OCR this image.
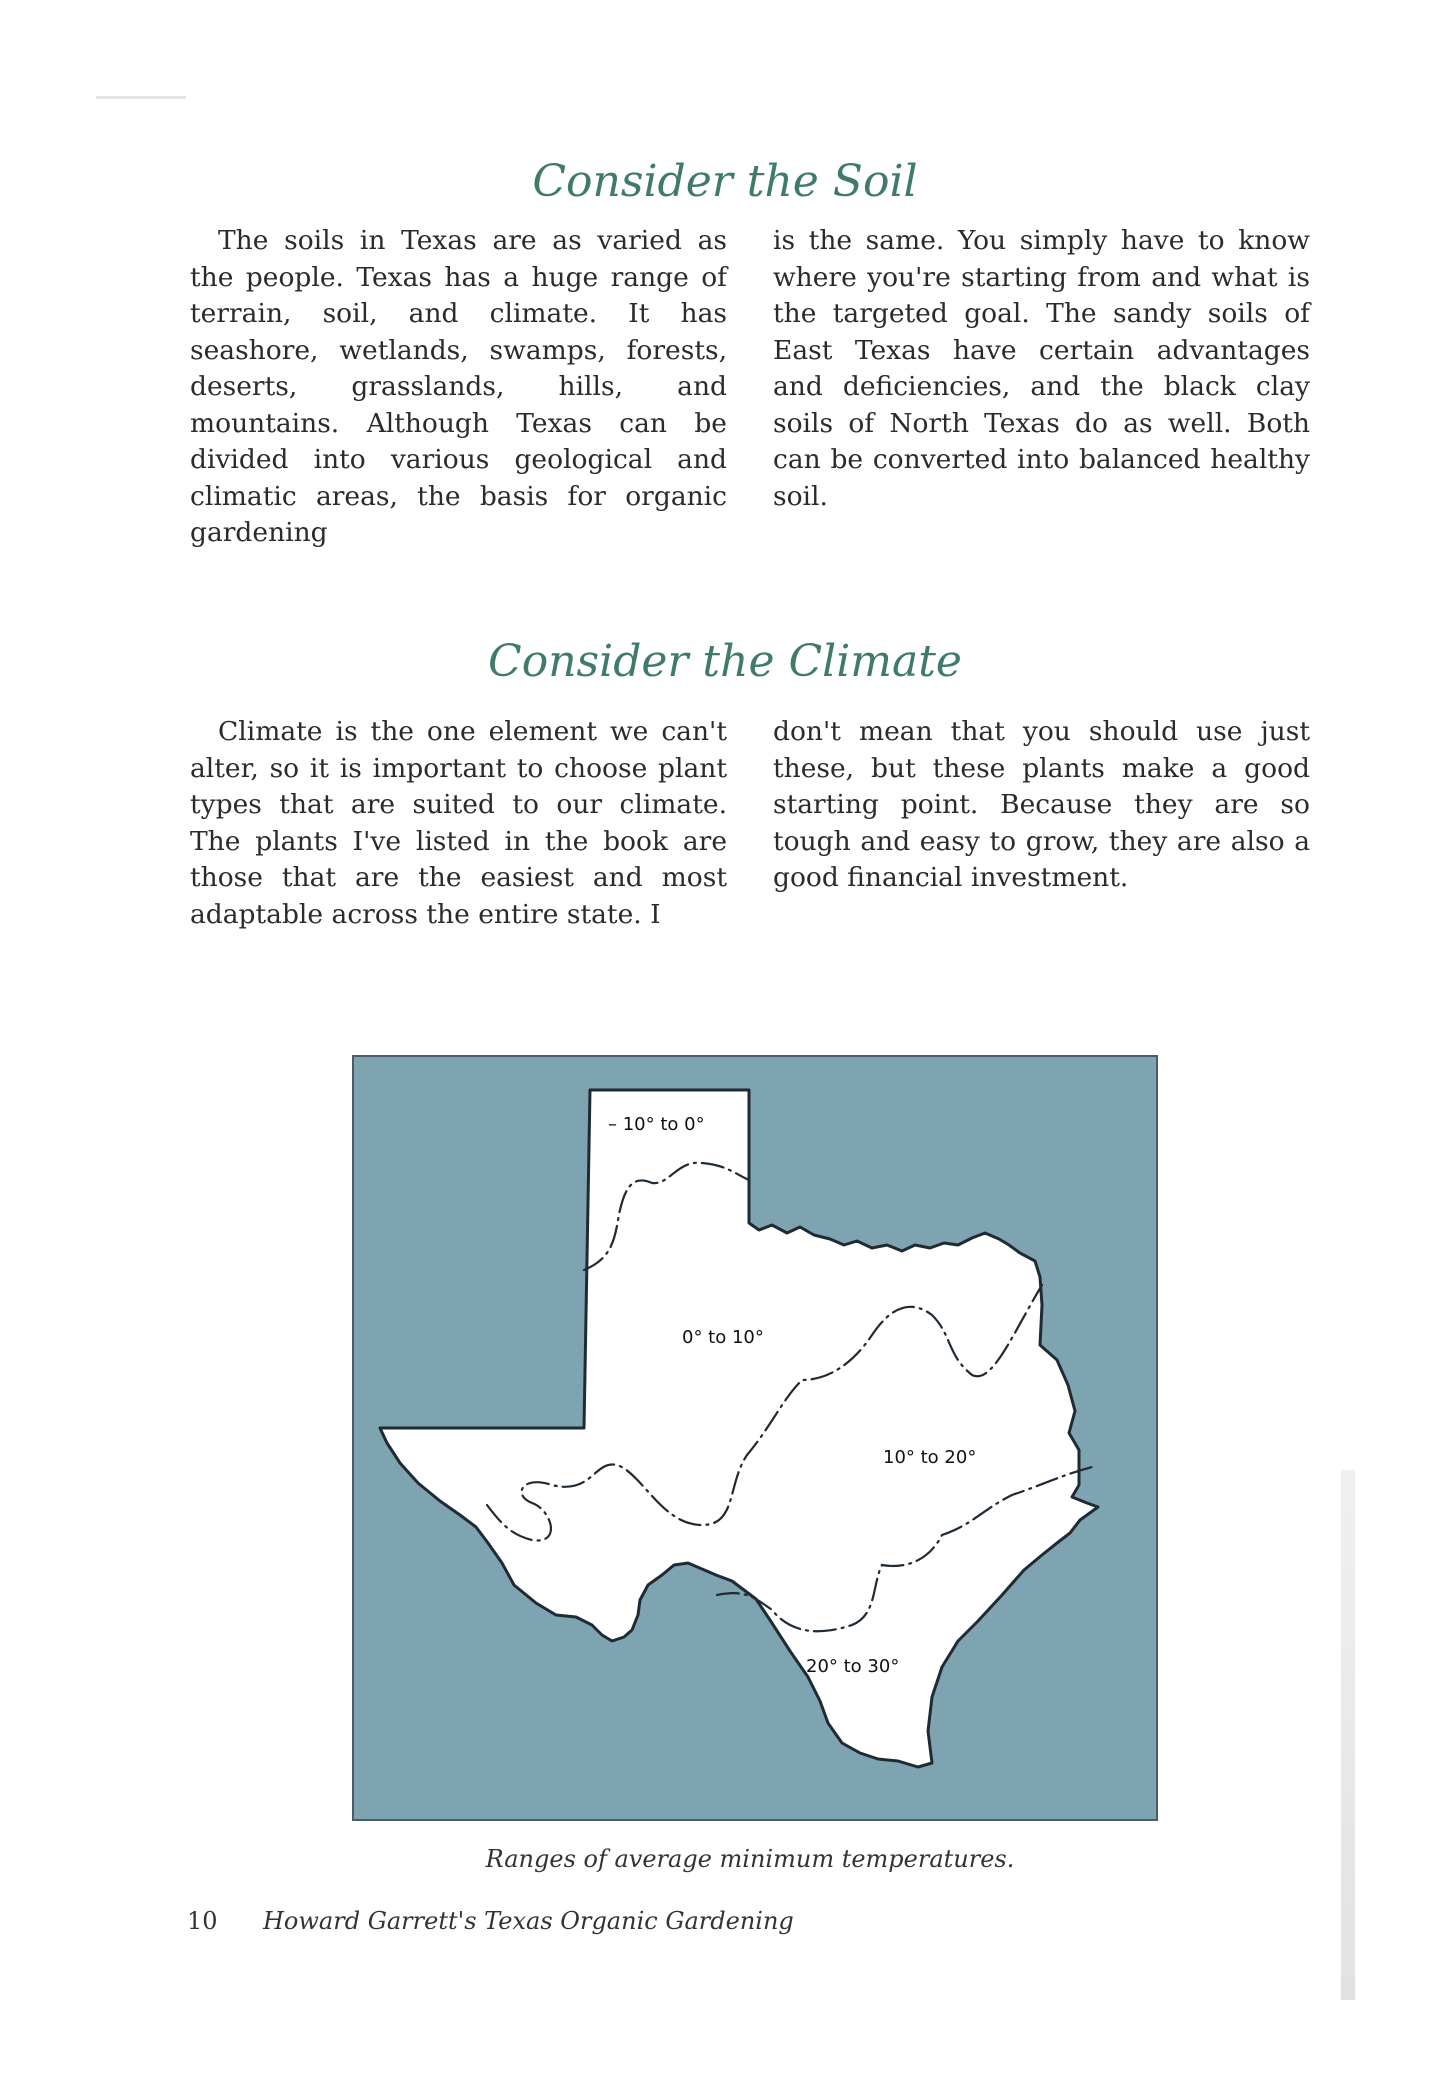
Consider the Soil

The soils in Texas are as varied as the people. Texas has a huge range of terrain, soil, and climate. It has seashore, wetlands, swamps, forests, deserts, grasslands, hills, and mountains. Although Texas can be divided into various geological and climatic areas, the basis for organic gardening

is the same. You simply have to know where you're starting from and what is the targeted goal. The sandy soils of East Texas have certain advantages and deficiencies, and the black clay soils of North Texas do as well. Both can be converted into balanced healthy soil.

Consider the Climate

Climate is the one element we can't alter, so it is important to choose plant types that are suited to our climate. The plants I've listed in the book are those that are the easiest and most adaptable across the entire state. I

don't mean that you should use just these, but these plants make a good starting point. Because they are so tough and easy to grow, they are also a good financial investment.

– 10° to 0°
0° to 10°
10° to 20°
20° to 30°
Ranges of average minimum temperatures.
10 Howard Garrett's Texas Organic Gardening
